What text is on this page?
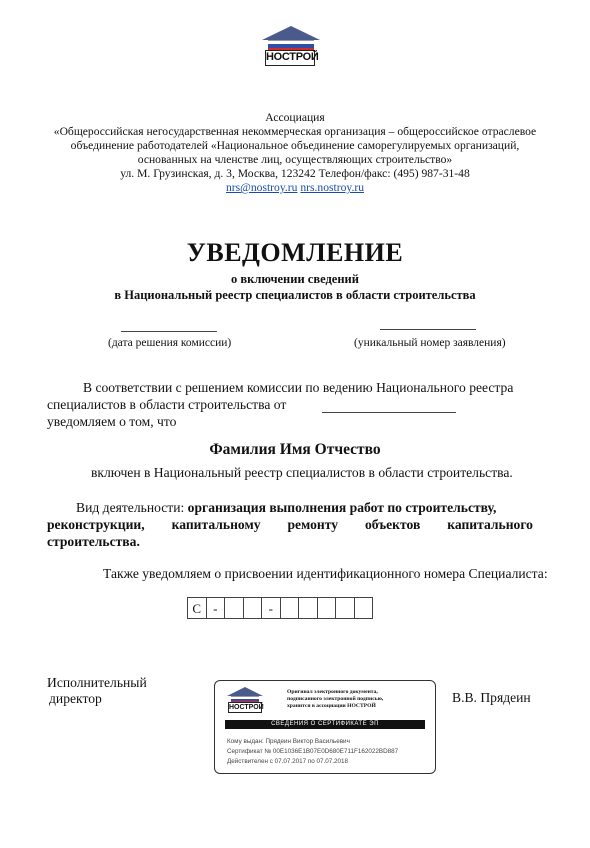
НОСТРОЙ
Ассоциация
«Общероссийская негосударственная некоммерческая организация – общероссийское отраслевое
объединение работодателей «Национальное объединение саморегулируемых организаций,
основанных на членстве лиц, осуществляющих строительство»
ул. М. Грузинская, д. 3, Москва, 123242 Телефон/факс: (495) 987-31-48
nrs@nostroy.ru nrs.nostroy.ru
УВЕДОМЛЕНИЕ
о включении сведений
в Национальный реестр специалистов в области строительства
(дата решения комиссии)	(уникальный номер заявления)
В соответствии с решением комиссии по ведению Национального реестра
специалистов в области строительства от
уведомляем о том, что
Фамилия Имя Отчество
включен в Национальный реестр специалистов в области строительства.
Вид деятельности: организация выполнения работ по строительству,
реконструкции, капитальному ремонту объектов капитального
строительства.
Также уведомляем о присвоении идентификационного номера Специалиста:
С -	-
Исполнительный
директор	В.В. Прядеин
НОСТРОЙ
Оригинал электронного документа,
подписанного электронной подписью,
хранится в ассоциации НОСТРОЙ
СВЕДЕНИЯ О СЕРТИФИКАТЕ ЭП
Кому выдан: Прядеин Виктор Васильевич
Сертификат № 00E1036E1B07E0D680E711F162022BD887
Действителен с 07.07.2017 по 07.07.2018
